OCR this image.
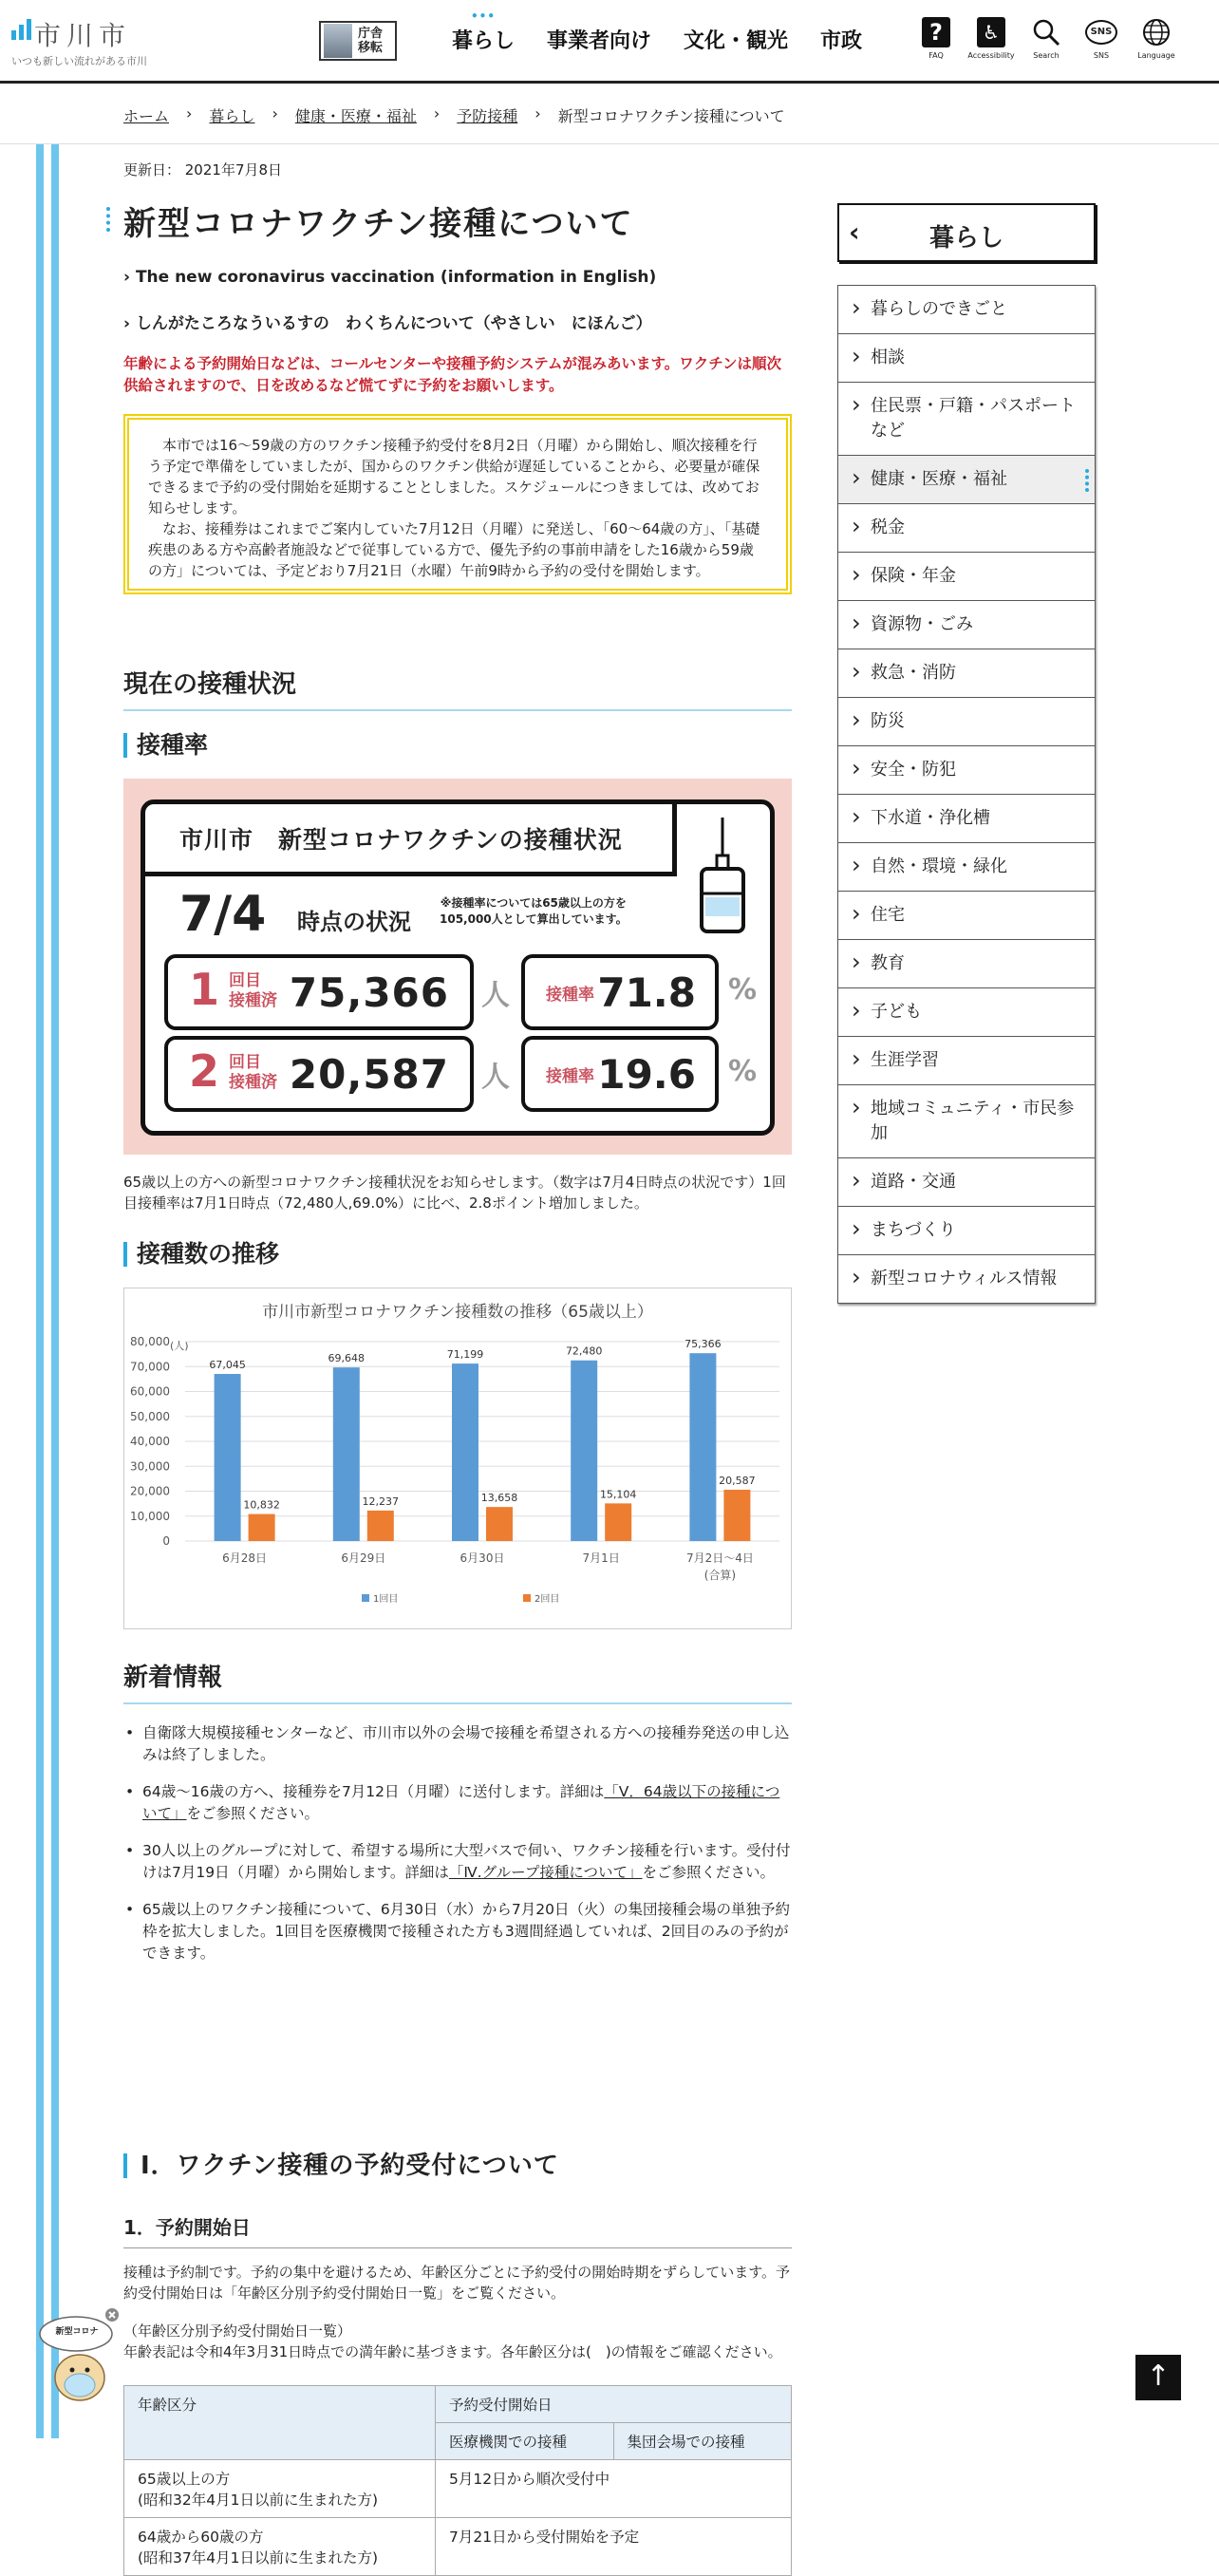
市川市
いつも新しい流れがある市川
庁舎
移転	••• 暮らし 事業者向け 文化・観光 市政	?
FAQ
♿
Accessibility	Search
SNS
SNS	Language
ホーム › 暮らし › 健康・医療・福祉 › 予防接種 › 新型コロナワクチン接種について
更新日： 2021年7月8日
新型コロナワクチン接種について
› The new coronavirus vaccination (information in English)
› しんがたころなういるすの　わくちんについて（やさしい　にほんご）
年齢による予約開始日などは、コールセンターや接種予約システムが混みあいます。ワクチンは順次供給されますので、日を改めるなど慌てずに予約をお願いします。

本市では16～59歳の方のワクチン接種予約受付を8月2日（月曜）から開始し、順次接種を行う予定で準備をしていましたが、国からのワクチン供給が遅延していることから、必要量が確保できるまで予約の受付開始を延期することとしました。スケジュールにつきましては、改めてお知らせします。

なお、接種券はこれまでご案内していた7月12日（月曜）に発送し、「60～64歳の方」、「基礎疾患のある方や高齢者施設などで従事している方で、優先予約の事前申請をした16歳から59歳の方」については、予定どおり7月21日（水曜）午前9時から予約の受付を開始します。

現在の接種状況
接種率
市川市　新型コロナワクチンの接種状況
7/4 時点の状況
※接種率については65歳以上の方を
105,000人として算出しています。
1 回目
接種済 75,366 人 接種率 71.8 %
2 回目
接種済 20,587 人 接種率 19.6 %
65歳以上の方への新型コロナワクチン接種状況をお知らせします。（数字は7月4日時点の状況です）1回目接種率は7月1日時点（72,480人,69.0%）に比べ、2.8ポイント増加しました。
接種数の推移
市川市新型コロナワクチン接種数の推移（65歳以上）
(人)
0
10,000
20,000
30,000
40,000
50,000
60,000
70,000
80,000
67,045
10,832
6月28日
69,648
12,237
6月29日
71,199
13,658
6月30日
72,480
15,104
7月1日
75,366
20,587
7月2日～4日
(合算)
1回目	2回目
新着情報
• 自衛隊大規模接種センターなど、市川市以外の会場で接種を希望される方への接種券発送の申し込みは終了しました。
• 64歳～16歳の方へ、接種券を7月12日（月曜）に送付します。詳細は「Ⅴ．64歳以下の接種について」をご参照ください。
• 30人以上のグループに対して、希望する場所に大型バスで伺い、ワクチン接種を行います。受付付けは7月19日（月曜）から開始します。詳細は「Ⅳ.グループ接種について」をご参照ください。
• 65歳以上のワクチン接種について、6月30日（水）から7月20日（火）の集団接種会場の単独予約枠を拡大しました。1回目を医療機関で接種された方も3週間経過していれば、2回目のみの予約ができます。
Ⅰ．ワクチン接種の予約受付について
1．予約開始日
接種は予約制です。予約の集中を避けるため、年齢区分ごとに予約受付の開始時期をずらしています。予約受付開始日は「年齢区分別予約受付開始日一覧」をご覧ください。
（年齢区分別予約受付開始日一覧）
年齢表記は令和4年3月31日時点での満年齢に基づきます。各年齢区分は(　)の情報をご確認ください。
年齢区分	予約受付開始日	
	医療機関での接種	集団会場での接種

65歳以上の方
(昭和32年4月1日以前に生まれた方)	5月12日から順次受付中	

64歳から60歳の方
(昭和37年4月1日以前に生まれた方)	7月21日から受付開始を予定	
‹	暮らし
› 暮らしのできごと
› 相談
› 住民票・戸籍・パスポートなど
› 健康・医療・福祉
› 税金
› 保険・年金
› 資源物・ごみ
› 救急・消防
› 防災
› 安全・防犯
› 下水道・浄化槽
› 自然・環境・緑化
› 住宅
› 教育
› 子ども
› 生涯学習
› 地域コミュニティ・市民参加
› 道路・交通
› まちづくり
› 新型コロナウィルス情報
新型コロナ
↑
